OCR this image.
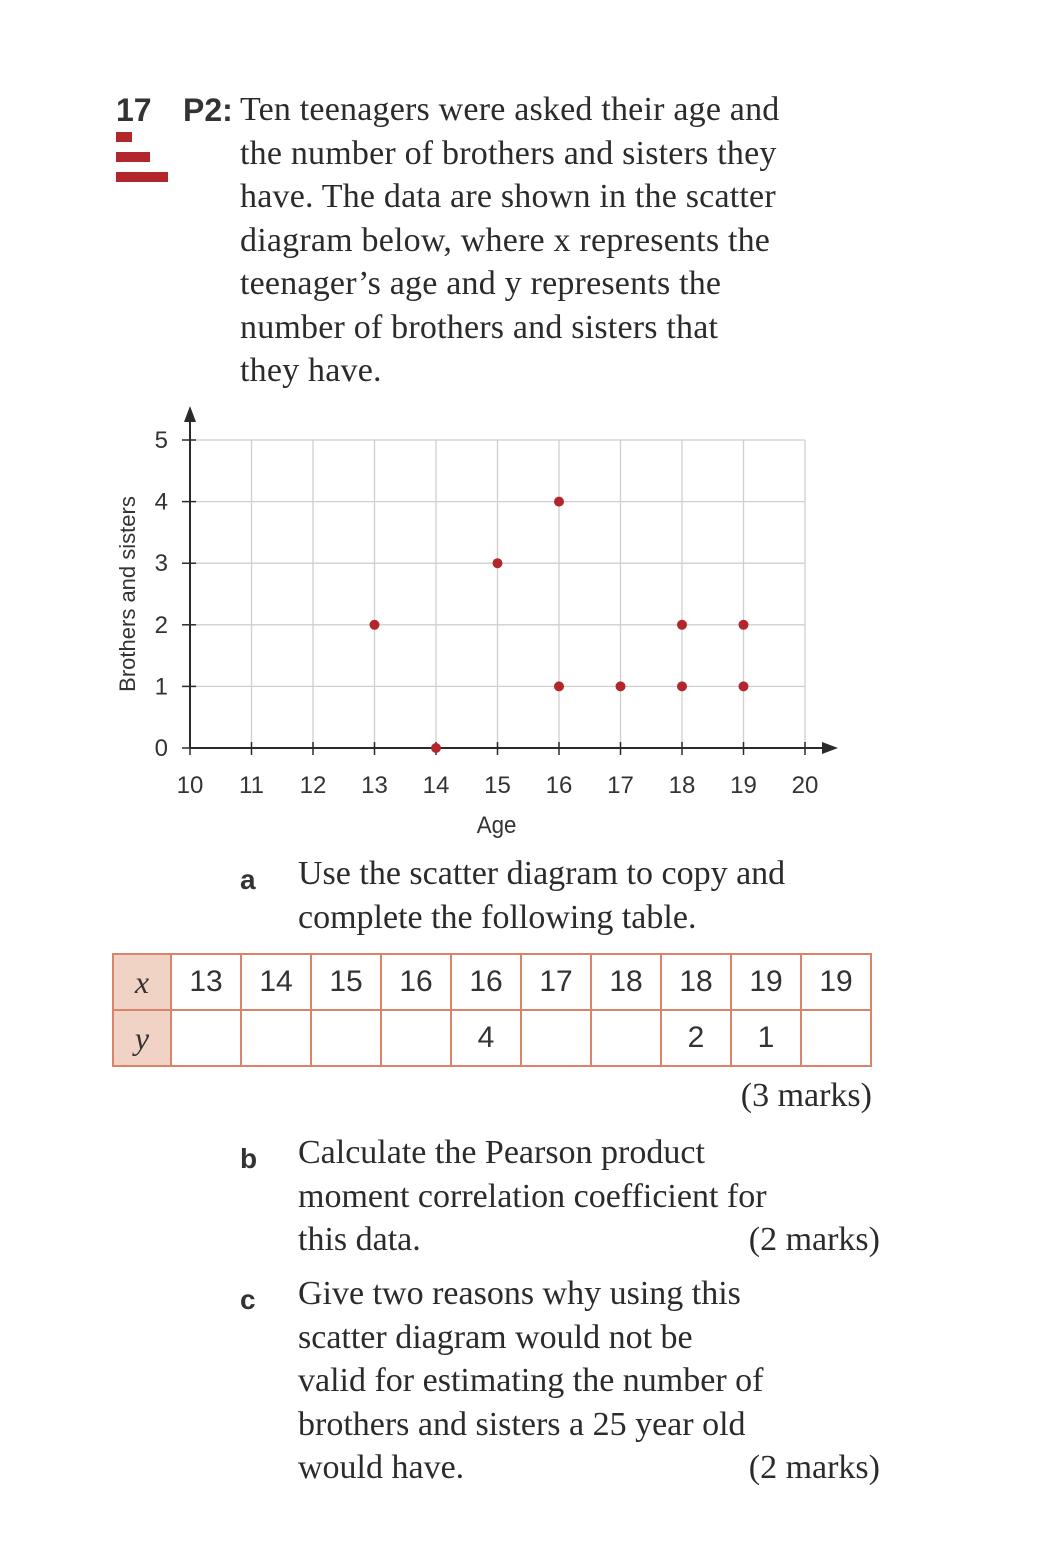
17 P2: Ten teenagers were asked their age and
the number of brothers and sisters they
have. The data are shown in the scatter
diagram below, where x represents the
teenager’s age and y represents the
number of brothers and sisters that
they have.
10 11 12 13 14 15 16 17 18 19 20
0
1
2
3
4
5
Age
Brothers and sisters
a Use the scatter diagram to copy and
complete the following table.
x	13	14	15	16	16	17	18	18	19	19
y					4			2	1	
(3 marks)
b Calculate the Pearson product
moment correlation coefficient for
this data.	(2 marks)
c Give two reasons why using this
scatter diagram would not be
valid for estimating the number of
brothers and sisters a 25 year old
would have.	(2 marks)
